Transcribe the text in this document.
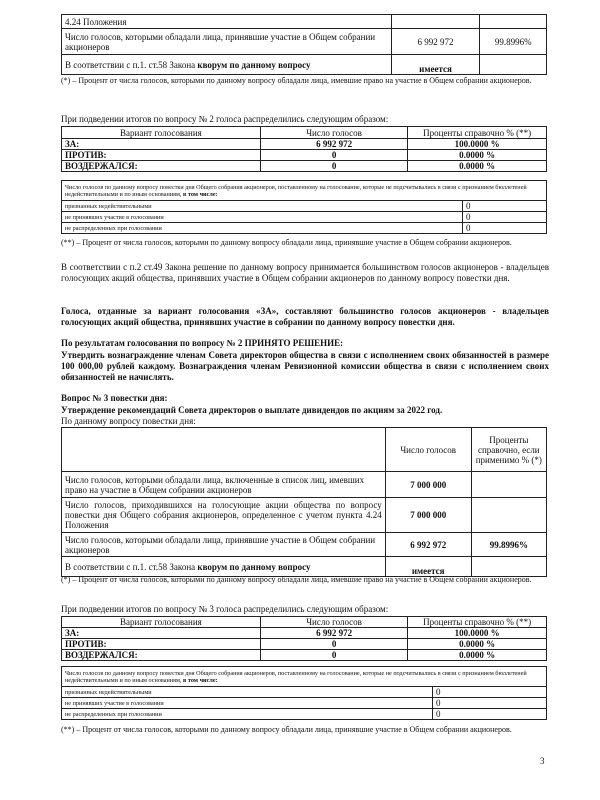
4.24 Положения		
Число голосов, которыми обладали лица, принявшие участие в Общем собрании акционеров	6 992 972	99.8996%
В соответствии с п.1. ст.58 Закона кворум по данному вопросу	имеется	
(*) – Процент от числа голосов, которыми по данному вопросу обладали лица, имевшие право на участие в Общем собрании акционеров.
При подведении итогов по вопросу № 2 голоса распределились следующим образом:
Вариант голосования	Число голосов	Проценты справочно % (**)
ЗА:	6 992 972	100.0000 %
ПРОТИВ:	0	0.0000 %
ВОЗДЕРЖАЛСЯ:	0	0.0000 %
Число голосов по данному вопросу повестки дня Общего собрания акционеров, поставленному на голосование, которые не подсчитывались в связи с признанием бюллетеней недействительными и по иным основаниям, в том числе:	
признанных недействительными	0
не принявших участие в голосовании	0
не распределенных при голосовании	0
(**) – Процент от числа голосов, которыми по данному вопросу обладали лица, принявшие участие в Общем собрании акционеров.
В соответствии с п.2 ст.49 Закона решение по данному вопросу принимается большинством голосов акционеров - владельцев голосующих акций общества, принявших участие в Общем собрании акционеров по данному вопросу повестки дня.
Голоса, отданные за вариант голосования «ЗА», составляют большинство голосов акционеров - владельцев голосующих акций общества, принявших участие в собрании по данному вопросу повестки дня.
По результатам голосования по вопросу № 2 ПРИНЯТО РЕШЕНИЕ:
Утвердить вознаграждение членам Совета директоров общества в связи с исполнением своих обязанностей в размере 100 000,00 рублей каждому. Вознаграждения членам Ревизионной комиссии общества в связи с исполнением своих обязанностей не начислять.
Вопрос № 3 повестки дня:
Утверждение рекомендаций Совета директоров о выплате дивидендов по акциям за 2022 год.
По данному вопросу повестки дня:
	Число голосов	Проценты справочно, если применимо % (*)
Число голосов, которыми обладали лица, включенные в список лиц, имевших право на участие в Общем собрании акционеров	7 000 000	
Число голосов, приходившихся на голосующие акции общества по вопросу повестки дня Общего собрания акционеров, определенное с учетом пункта 4.24 Положения	7 000 000	
Число голосов, которыми обладали лица, принявшие участие в Общем собрании акционеров	6 992 972	99.8996%
В соответствии с п.1. ст.58 Закона кворум по данному вопросу	имеется	
(*) – Процент от числа голосов, которыми по данному вопросу обладали лица, имевшие право на участие в Общем собрании акционеров.
При подведении итогов по вопросу № 3 голоса распределились следующим образом:
Вариант голосования	Число голосов	Проценты справочно % (**)
ЗА:	6 992 972	100.0000 %
ПРОТИВ:	0	0.0000 %
ВОЗДЕРЖАЛСЯ:	0	0.0000 %
Число голосов по данному вопросу повестки дня Общего собрания акционеров, поставленному на голосование, которые не подсчитывались в связи с признанием бюллетеней недействительными и по иным основаниям, в том числе:	
признанных недействительными	0
не принявших участие в голосовании	0
не распределенных при голосовании	0
(**) – Процент от числа голосов, которыми по данному вопросу обладали лица, принявшие участие в Общем собрании акционеров.
3
